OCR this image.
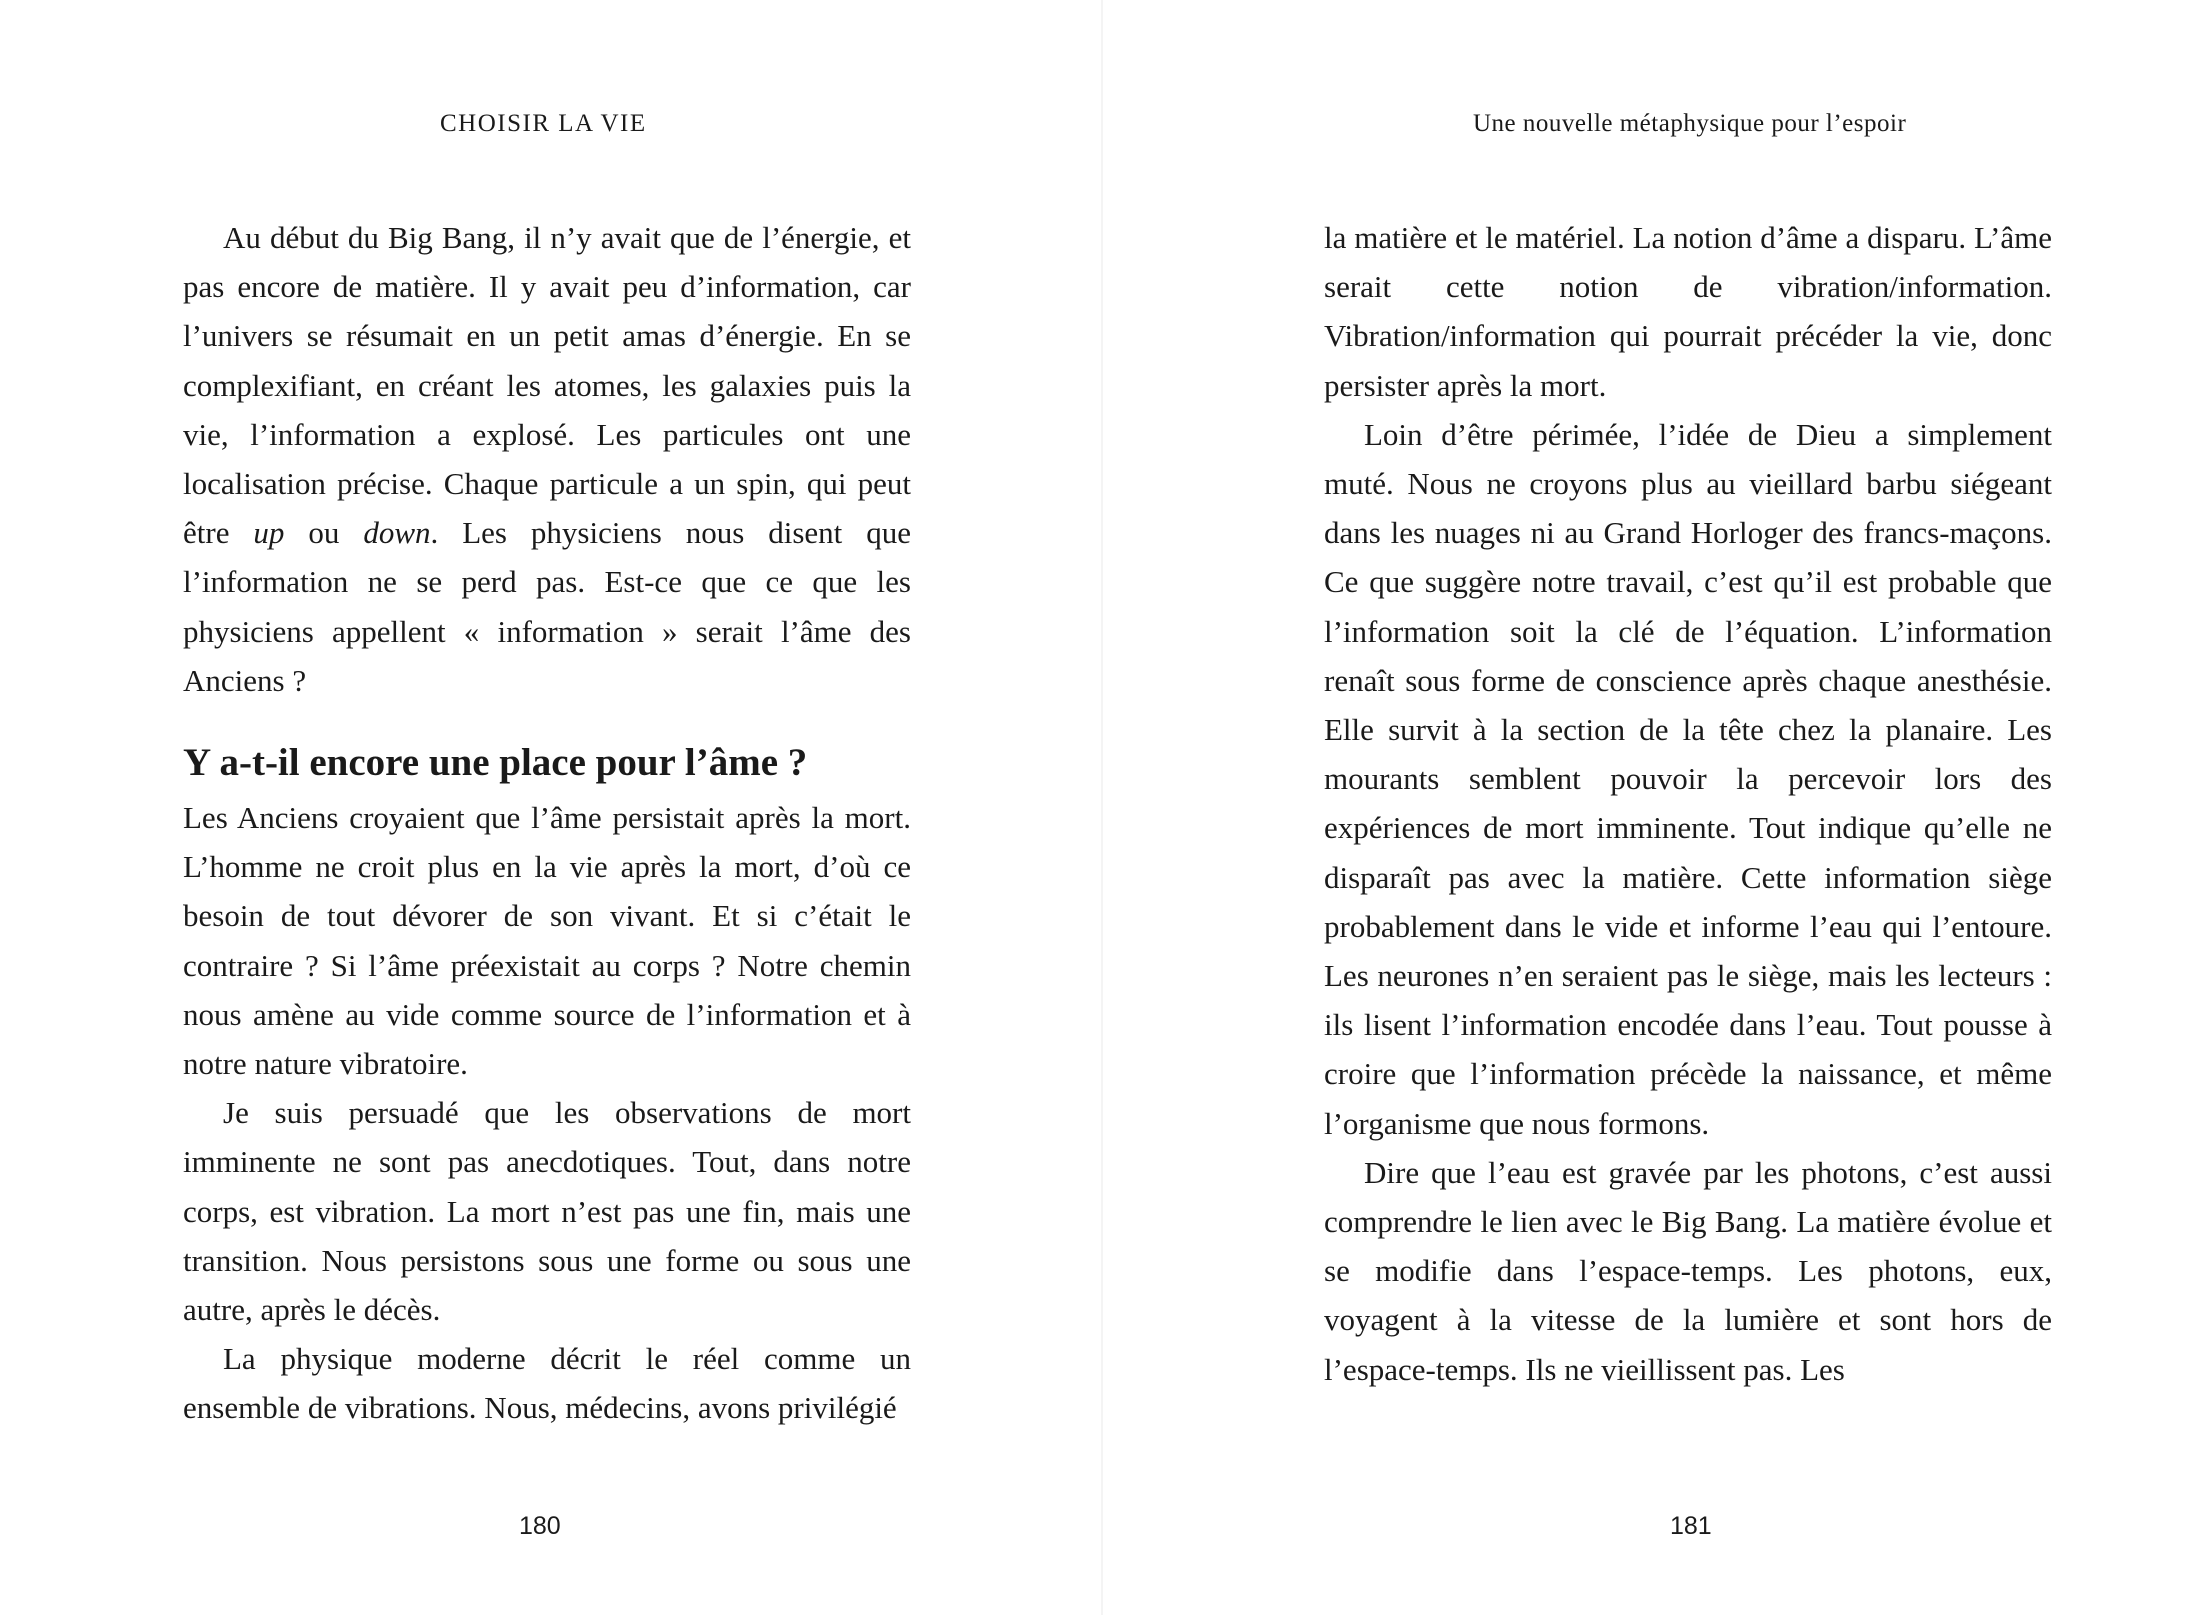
CHOISIR LA VIE

Au début du Big Bang, il n’y avait que de l’énergie, et pas encore de matière. Il y avait peu d’information, car l’univers se résumait en un petit amas d’énergie. En se complexifiant, en créant les atomes, les galaxies puis la vie, l’information a explosé. Les particules ont une localisation précise. Chaque particule a un spin, qui peut être up ou down. Les physiciens nous disent que l’information ne se perd pas. Est-ce que ce que les physiciens appellent « information » serait l’âme des Anciens ?

Y a-t-il encore une place pour l’âme ?

Les Anciens croyaient que l’âme persistait après la mort. L’homme ne croit plus en la vie après la mort, d’où ce besoin de tout dévorer de son vivant. Et si c’était le contraire ? Si l’âme préexistait au corps ? Notre chemin nous amène au vide comme source de l’information et à notre nature vibratoire.

Je suis persuadé que les observations de mort imminente ne sont pas anecdotiques. Tout, dans notre corps, est vibration. La mort n’est pas une fin, mais une transition. Nous persistons sous une forme ou sous une autre, après le décès.

La physique moderne décrit le réel comme un ensemble de vibrations. Nous, médecins, avons privilégié

180
Une nouvelle métaphysique pour l’espoir

la matière et le matériel. La notion d’âme a disparu. L’âme serait cette notion de vibration/information. Vibration/information qui pourrait précéder la vie, donc persister après la mort.

Loin d’être périmée, l’idée de Dieu a simplement muté. Nous ne croyons plus au vieillard barbu siégeant dans les nuages ni au Grand Horloger des francs-maçons. Ce que suggère notre travail, c’est qu’il est probable que l’information soit la clé de l’équation. L’information renaît sous forme de conscience après chaque anesthésie. Elle survit à la section de la tête chez la planaire. Les mourants semblent pouvoir la percevoir lors des expériences de mort imminente. Tout indique qu’elle ne disparaît pas avec la matière. Cette information siège probablement dans le vide et informe l’eau qui l’entoure. Les neurones n’en seraient pas le siège, mais les lecteurs : ils lisent l’information encodée dans l’eau. Tout pousse à croire que l’information précède la naissance, et même l’organisme que nous formons.

Dire que l’eau est gravée par les photons, c’est aussi comprendre le lien avec le Big Bang. La matière évolue et se modifie dans l’espace-temps. Les photons, eux, voyagent à la vitesse de la lumière et sont hors de l’espace-temps. Ils ne vieillissent pas. Les

181
